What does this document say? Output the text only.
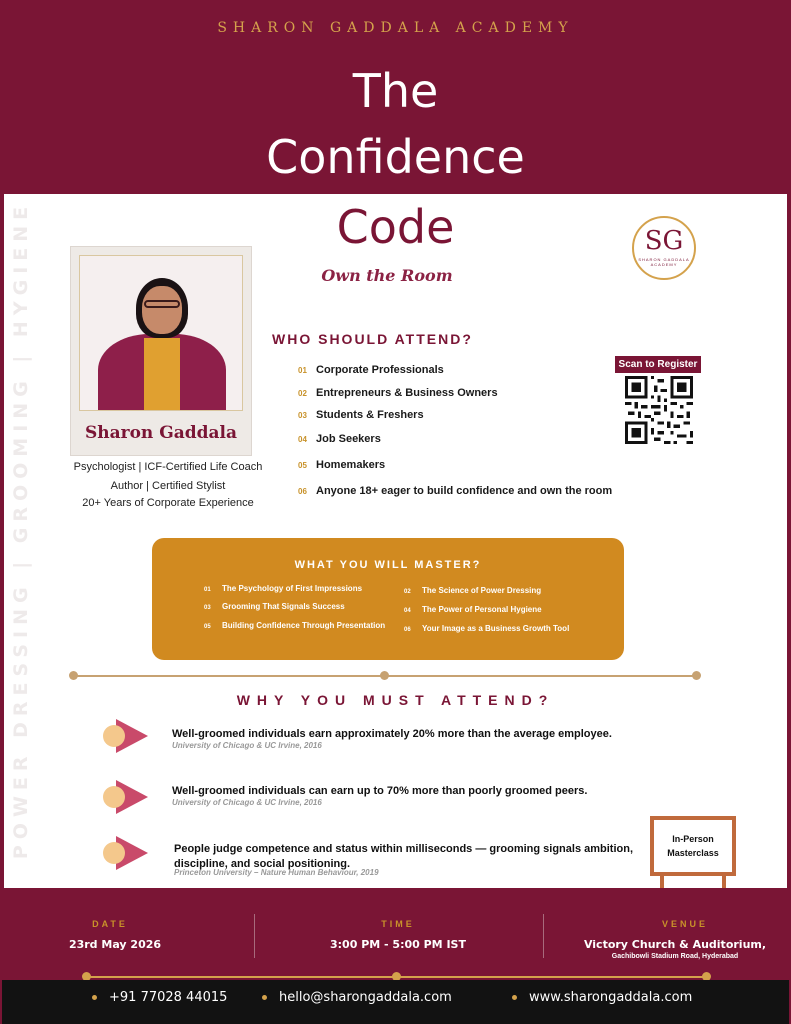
SHARON GADDALA ACADEMY
The
Confidence
Code
Own the Room
POWER DRESSING | GROOMING | HYGIENE	SG
SHARON GADDALA ACADEMY
Sharon Gaddala
Psychologist | ICF-Certified Life Coach
Author | Certified Stylist
20+ Years of Corporate Experience
WHO SHOULD ATTEND?
01 Corporate Professionals
02 Entrepreneurs & Business Owners
03 Students & Freshers
04 Job Seekers
05 Homemakers
06 Anyone 18+ eager to build confidence and own the room
Scan to Register
WHAT YOU WILL MASTER?
01 The Psychology of First Impressions	02 The Science of Power Dressing
03 Grooming That Signals Success	04 The Power of Personal Hygiene
05 Building Confidence Through Presentation	06 Your Image as a Business Growth Tool
WHY YOU MUST ATTEND?
Well-groomed individuals earn approximately 20% more than the average employee.
University of Chicago & UC Irvine, 2016
Well-groomed individuals can earn up to 70% more than poorly groomed peers.
University of Chicago & UC Irvine, 2016
People judge competence and status within milliseconds — grooming signals ambition, discipline, and social positioning.
Princeton University – Nature Human Behaviour, 2019
In-Person
Masterclass
DATE
23rd May 2026
TIME
3:00 PM - 5:00 PM IST
VENUE
Victory Church & Auditorium,
Gachibowli Stadium Road, Hyderabad
+91 77028 44015	hello@sharongaddala.com	www.sharongaddala.com
